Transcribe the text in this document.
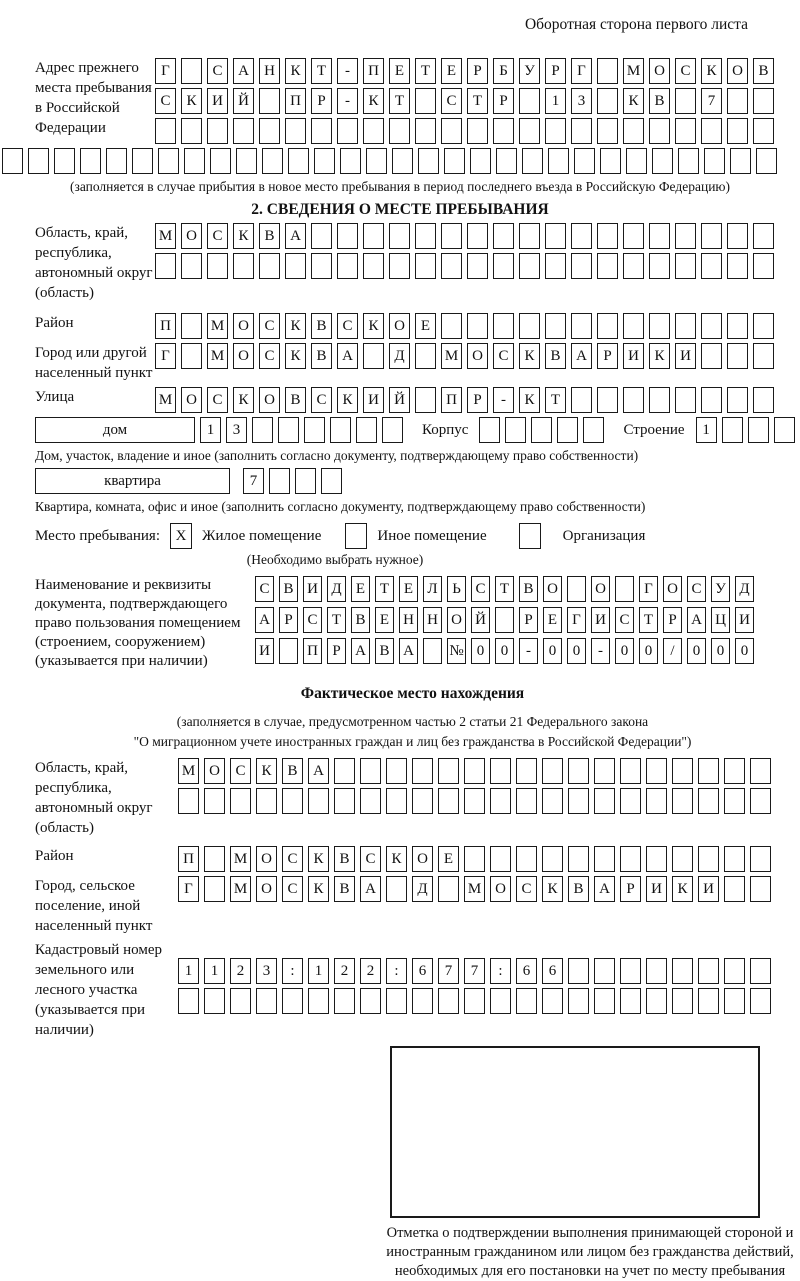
Оборотная сторона первого листа
Адрес прежнего места пребывания в Российской Федерации
Г	С	А	Н	К	Т	-	П	Е	Т	Е	Р	Б	У	Р	Г	М О	С	К	О	В
С	К	И	Й	П	Р	-	К	Т	С	Т	Р	1	3	К	В	7
(заполняется в случае прибытия в новое место пребывания в период последнего въезда в Российскую Федерацию)
2. СВЕДЕНИЯ О МЕСТЕ ПРЕБЫВАНИЯ
Область, край, республика, автономный округ (область)
М О	С	К	В	А
Район	П	М О	С	К	В	С	К	О	Е
Город или другой населенный пункт
Г	М О	С	К	В	А	Д	М О	С	К	В	А	Р	И	К	И
Улица	М О	С	К	О	В	С	К	И	Й	П	Р	-	К	Т
дом	1	3	Корпус	Строение	1
Дом, участок, владение и иное (заполнить согласно документу, подтверждающему право собственности)
квартира	7
Квартира, комната, офис и иное (заполнить согласно документу, подтверждающему право собственности)
Место пребывания:	X	Жилое помещение	Иное помещение	Организация
(Необходимо выбрать нужное)
Наименование и реквизиты документа, подтверждающего право пользования помещением (строением, сооружением) (указывается при наличии)
С В И Д Е Т Е Л Ь С Т В О О	Г О С У Д
А Р С Т В Е Н Н О Й	Р	Е	Г И С Т	Р А Ц И
И П Р А В А № 0	0	-	0	0	-	0	0	/	0	0	0
Фактическое место нахождения
(заполняется в случае, предусмотренном частью 2 статьи 21 Федерального закона
"О миграционном учете иностранных граждан и лиц без гражданства в Российской Федерации")
Область, край, республика, автономный округ (область)
М О	С	К	В	А
Район	П	М О	С	К	В	С	К	О	Е
Город, сельское поселение, иной населенный пункт
Г	М О	С	К	В	А	Д	М О	С	К	В	А	Р	И	К	И
Кадастровый номер земельного или лесного участка (указывается при наличии)
1	1	2	3	:	1	2	2	:	6	7	7	:	6	6
Отметка о подтверждении выполнения принимающей стороной и иностранным гражданином или лицом без гражданства действий, необходимых для его постановки на учет по месту пребывания
